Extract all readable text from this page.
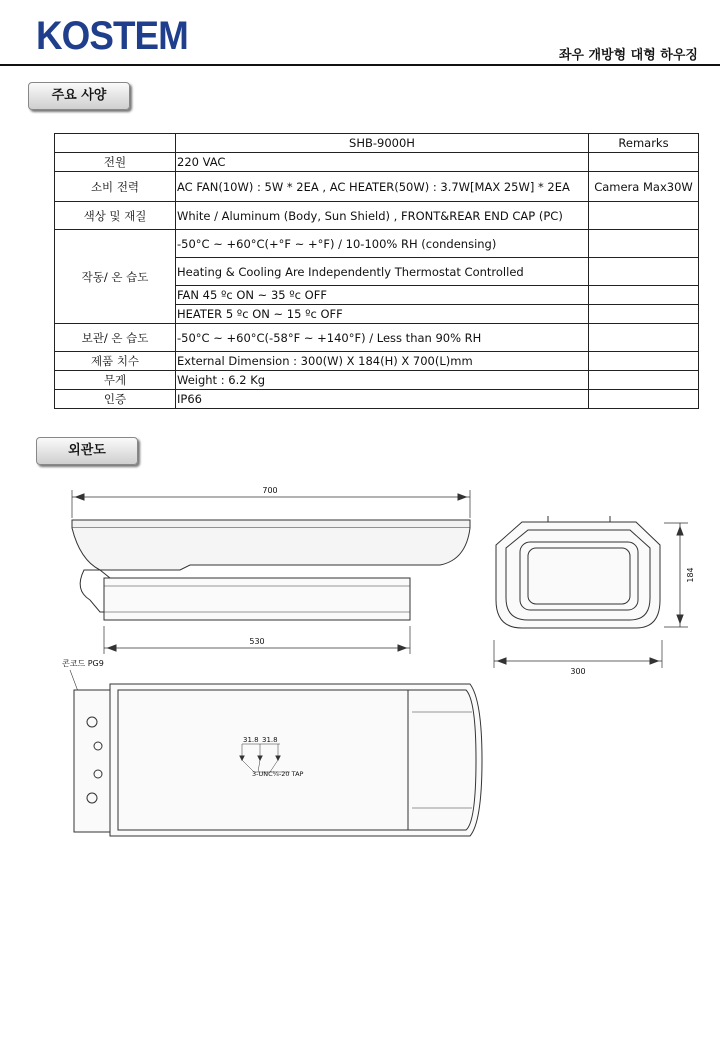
KOSTEM	좌우 개방형 대형 하우징
주요 사양
	SHB-9000H	Remarks
전원	220 VAC	
소비 전력	AC FAN(10W) : 5W * 2EA , AC HEATER(50W) : 3.7W[MAX 25W] * 2EA	Camera Max30W
색상 및 재질	White / Aluminum (Body, Sun Shield) , FRONT&REAR END CAP (PC)	
작동/ 온 습도	-50°C ~ +60°C(+°F ~ +°F) / 10-100% RH (condensing)	
	Heating & Cooling Are Independently Thermostat Controlled	
	FAN 45 ºc ON ~ 35 ºc OFF	
	HEATER 5 ºc ON ~ 15 ºc OFF	
보관/ 온 습도	-50°C ~ +60°C(-58°F ~ +140°F) / Less than 90% RH	
제품 치수	External Dimension : 300(W) X 184(H) X 700(L)mm	
무게	Weight : 6.2 Kg	
인증	IP66	
외관도
700
530
184
300
콘코드 PG9
31.8 31.8
3-UNC¼-20 TAP
